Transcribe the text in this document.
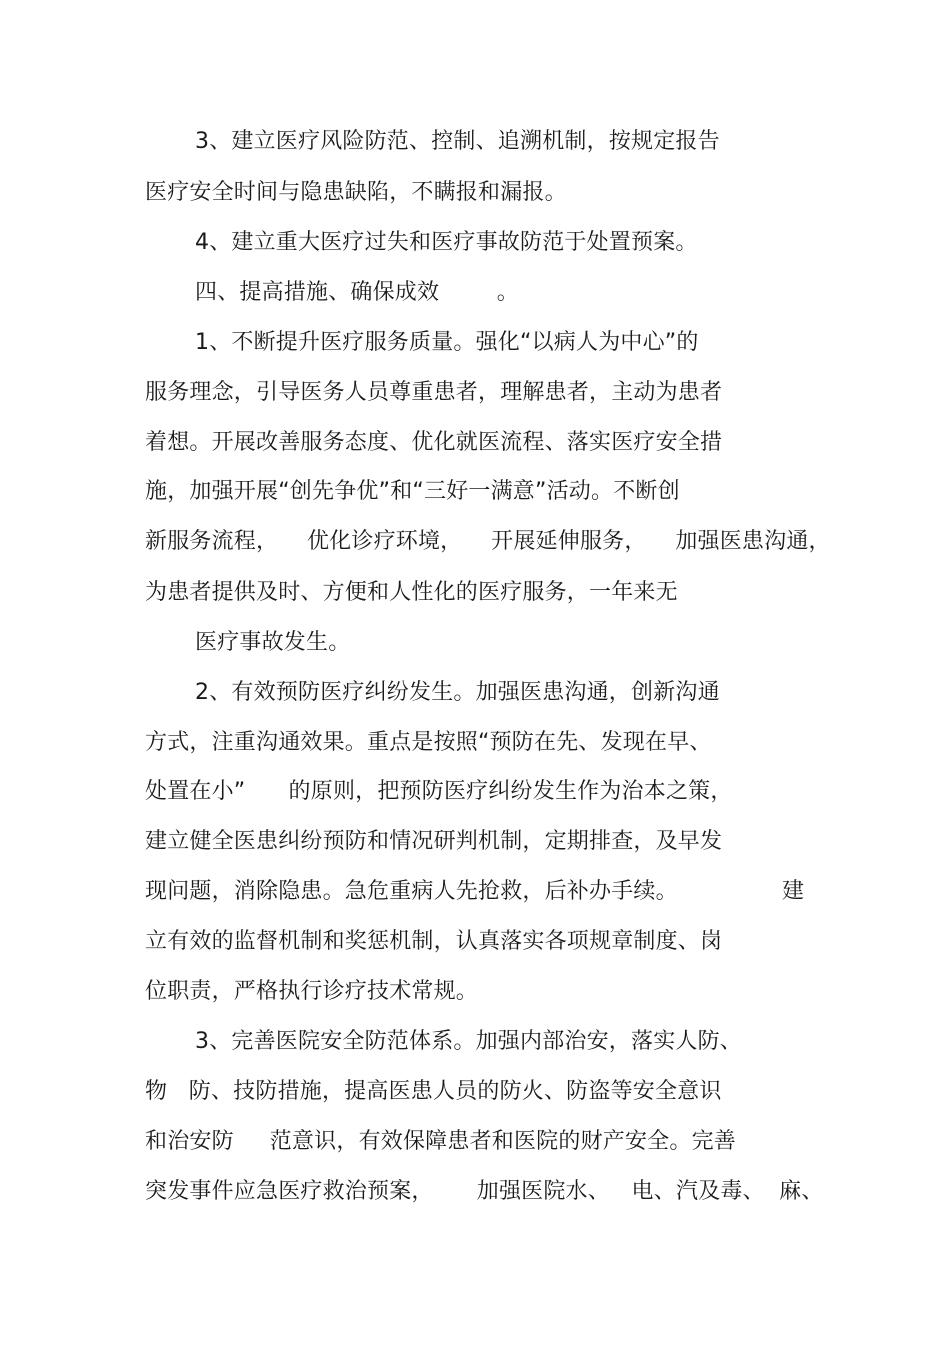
3、建立医疗风险防范、控制、追溯机制，按规定报告
医疗安全时间与隐患缺陷，不瞒报和漏报。
4、建立重大医疗过失和医疗事故防范于处置预案。
四、提高措施、确保成效        。
1、不断提升医疗服务质量。强化“以病人为中心”的
服务理念，引导医务人员尊重患者，理解患者，主动为患者
着想。开展改善服务态度、优化就医流程、落实医疗安全措
施，加强开展“创先争优”和“三好一满意”活动。不断创
新服务流程，    优化诊疗环境，    开展延伸服务，    加强医患沟通，
为患者提供及时、方便和人性化的医疗服务，一年来无
医疗事故发生。
2、有效预防医疗纠纷发生。加强医患沟通，创新沟通
方式，注重沟通效果。重点是按照“预防在先、发现在早、
处置在小”      的原则，把预防医疗纠纷发生作为治本之策，
建立健全医患纠纷预防和情况研判机制，定期排查，及早发
现问题，消除隐患。急危重病人先抢救，后补办手续。	建
立有效的监督机制和奖惩机制，认真落实各项规章制度、岗
位职责，严格执行诊疗技术常规。
3、完善医院安全防范体系。加强内部治安，落实人防、
物   防、技防措施，提高医患人员的防火、防盗等安全意识
和治安防     范意识，有效保障患者和医院的财产安全。完善
突发事件应急医疗救治预案，      加强医院水、   电、汽及毒、  麻、
